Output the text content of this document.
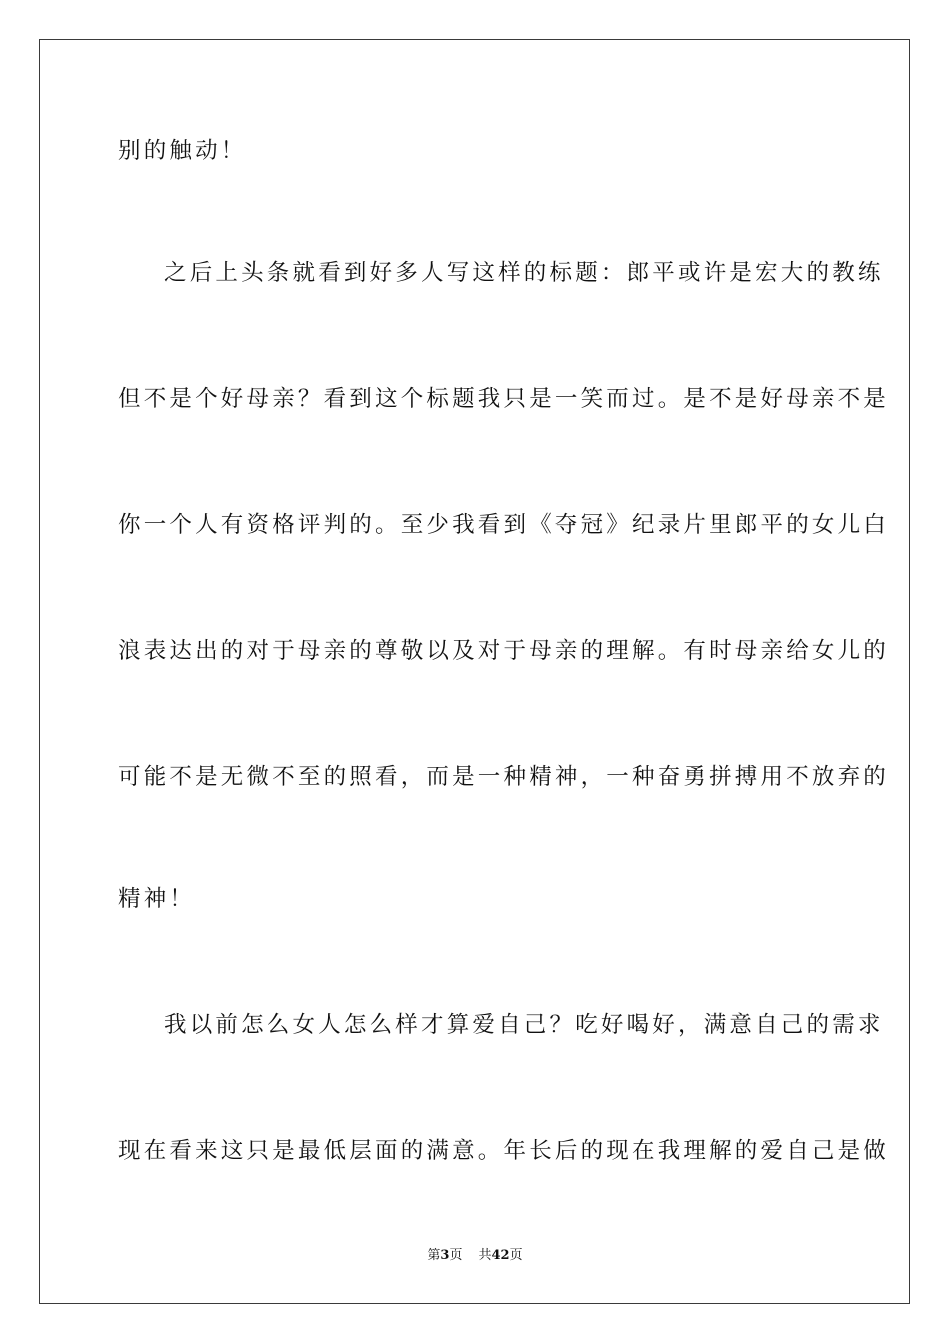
别的触动！
之后上头条就看到好多人写这样的标题：郎平或许是宏大的教练
但不是个好母亲？看到这个标题我只是一笑而过。是不是好母亲不是
你一个人有资格评判的。至少我看到《夺冠》纪录片里郎平的女儿白
浪表达出的对于母亲的尊敬以及对于母亲的理解。有时母亲给女儿的
可能不是无微不至的照看，而是一种精神，一种奋勇拼搏用不放弃的
精神！
我以前怎么女人怎么样才算爱自己？吃好喝好，满意自己的需求
现在看来这只是最低层面的满意。年长后的现在我理解的爱自己是做
第3页 共42页
